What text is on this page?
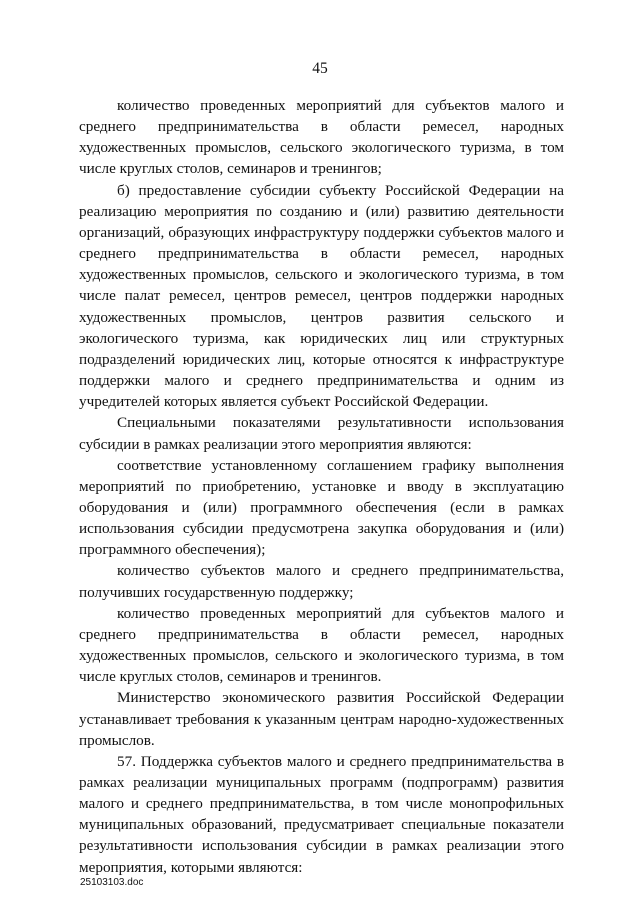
45

количество проведенных мероприятий для субъектов малого и среднего предпринимательства в области ремесел, народных художественных промыслов, сельского экологического туризма, в том числе круглых столов, семинаров и тренингов;

б) предоставление субсидии субъекту Российской Федерации на реализацию мероприятия по созданию и (или) развитию деятельности организаций, образующих инфраструктуру поддержки субъектов малого и среднего предпринимательства в области ремесел, народных художественных промыслов, сельского и экологического туризма, в том числе палат ремесел, центров ремесел, центров поддержки народных художественных промыслов, центров развития сельского и экологического туризма, как юридических лиц или структурных подразделений юридических лиц, которые относятся к инфраструктуре поддержки малого и среднего предпринимательства и одним из учредителей которых является субъект Российской Федерации.

Специальными показателями результативности использования субсидии в рамках реализации этого мероприятия являются:

соответствие установленному соглашением графику выполнения мероприятий по приобретению, установке и вводу в эксплуатацию оборудования и (или) программного обеспечения (если в рамках использования субсидии предусмотрена закупка оборудования и (или) программного обеспечения);

количество субъектов малого и среднего предпринимательства, получивших государственную поддержку;

количество проведенных мероприятий для субъектов малого и среднего предпринимательства в области ремесел, народных художественных промыслов, сельского и экологического туризма, в том числе круглых столов, семинаров и тренингов.

Министерство экономического развития Российской Федерации устанавливает требования к указанным центрам народно-художественных промыслов.

57. Поддержка субъектов малого и среднего предпринимательства в рамках реализации муниципальных программ (подпрограмм) развития малого и среднего предпринимательства, в том числе монопрофильных муниципальных образований, предусматривает специальные показатели результативности использования субсидии в рамках реализации этого мероприятия, которыми являются:

25103103.doc
